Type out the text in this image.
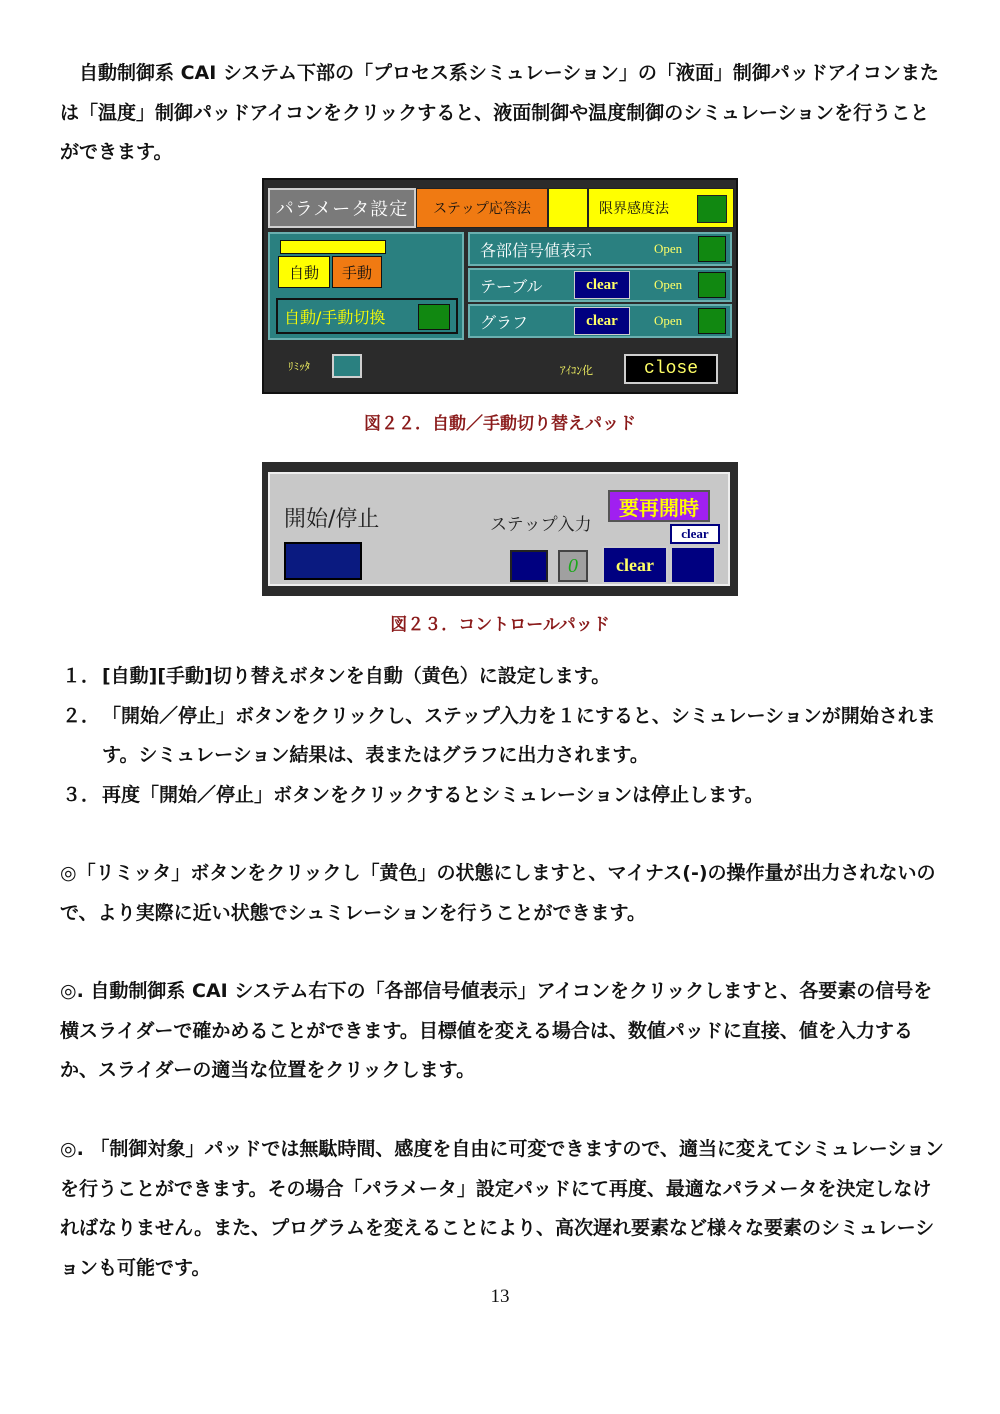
自動制御系 CAI システム下部の「プロセス系シミュレーション」の「液面」制御パッドアイコンまたは「温度」制御パッドアイコンをクリックすると、液面制御や温度制御のシミュレーションを行うことができます。

パラメータ設定	ステップ応答法	限界感度法
自動	手動
自動/手動切換
各部信号値表示	Open
テーブル	clear	Open
グラフ	clear	Open
ﾘﾐｯﾀ	ｱｲｺﾝ化	close
図２２．自動／手動切り替えパッド
開始/停止	ステップ入力
要再開時
clear
0	clear
図２３．コントロールパッド
１． [自動][手動]切り替えボタンを自動（黄色）に設定します。
２． 「開始／停止」ボタンをクリックし、ステップ入力を１にすると、シミュレーションが開始されます。シミュレーション結果は、表またはグラフに出力されます。
３． 再度「開始／停止」ボタンをクリックするとシミュレーションは停止します。

◎「リミッタ」ボタンをクリックし「黄色」の状態にしますと、マイナス(-)の操作量が出力されないので、より実際に近い状態でシュミレーションを行うことができます。

◎. 自動制御系 CAI システム右下の「各部信号値表示」アイコンをクリックしますと、各要素の信号を横スライダーで確かめることができます。目標値を変える場合は、数値パッドに直接、値を入力するか、スライダーの適当な位置をクリックします。

◎. 「制御対象」パッドでは無駄時間、感度を自由に可変できますので、適当に変えてシミュレーションを行うことができます。その場合「パラメータ」設定パッドにて再度、最適なパラメータを決定しなければなりません。また、プログラムを変えることにより、高次遅れ要素など様々な要素のシミュレーションも可能です。

13
